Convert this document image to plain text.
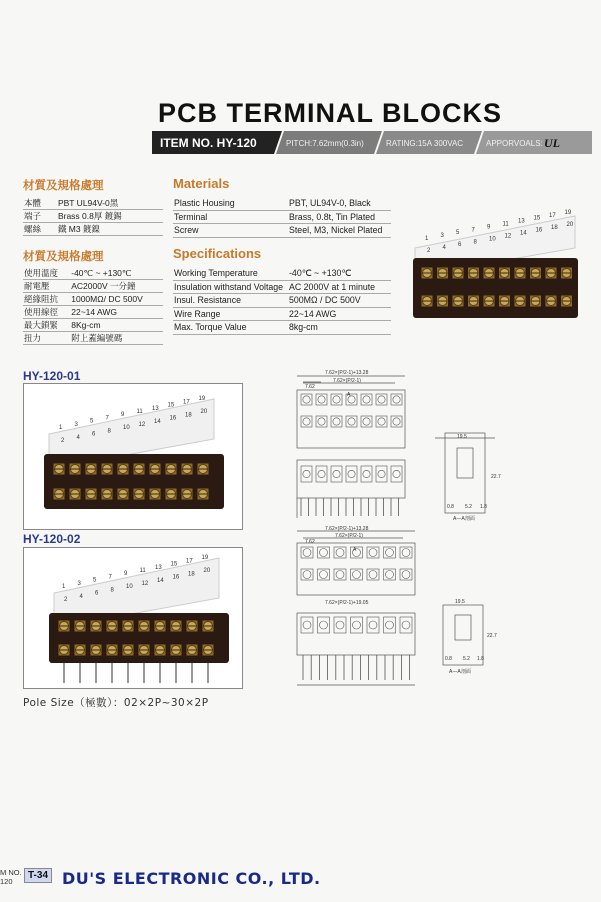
PCB TERMINAL BLOCKS
ITEM NO. HY-120	PITCH:7.62mm(0.3in)	RATING:15A 300VAC	APPORVOALS: UL
材質及規格處理	Materials
本體	PBT UL94V-0黑
端子	Brass 0.8厚 鍍錫
螺絲	鐵 M3 鍍鎳
Plastic Housing	PBT, UL94V-0, Black
Terminal	Brass, 0.8t, Tin Plated
Screw	Steel, M3, Nickel Plated
材質及規格處理	Specifications
使用溫度	-40℃ ~ +130℃
耐電壓	AC2000V 一分鐘
絕緣阻抗	1000MΩ/ DC 500V
使用線徑	22~14 AWG
最大鎖緊	8Kg-cm
扭力	附上蓋編號碼
Working Temperature	-40℃ ~ +130℃
Insulation withstand Voltage	AC 2000V at 1 minute
Insul. Resistance	500MΩ / DC 500V
Wire Range	22~14 AWG
Max. Torque Value	8kg-cm
1 3 5 7 9 11 13 15 17 19
2 4 6 8 10 12 14 16 18 20
HY-120-01
1
3
5
7
9
11
13
15
17
19
2
4
6
8
10
12
14
16
18
20
7.62×(P/2-1)+13.28
7.62×(P/2-1)
7.62
A
19.5
22.7
0.8 5.2 1.8
A—A剖面
HY-120-02
1
3
5
7
9
11
13
15
17
19
2
4
6
8
10
12
14
16
18
20
7.62×(P/2-1)+13.28
7.62×(P/2-1)
7.62
A
7.62×(P/2-1)+19.05	19.5
22.7
0.8 5.2 1.8
A—A剖面
Pole Size（極數）：02×2P~30×2P
M NO.
120
T-34 DU'S ELECTRONIC CO., LTD.
